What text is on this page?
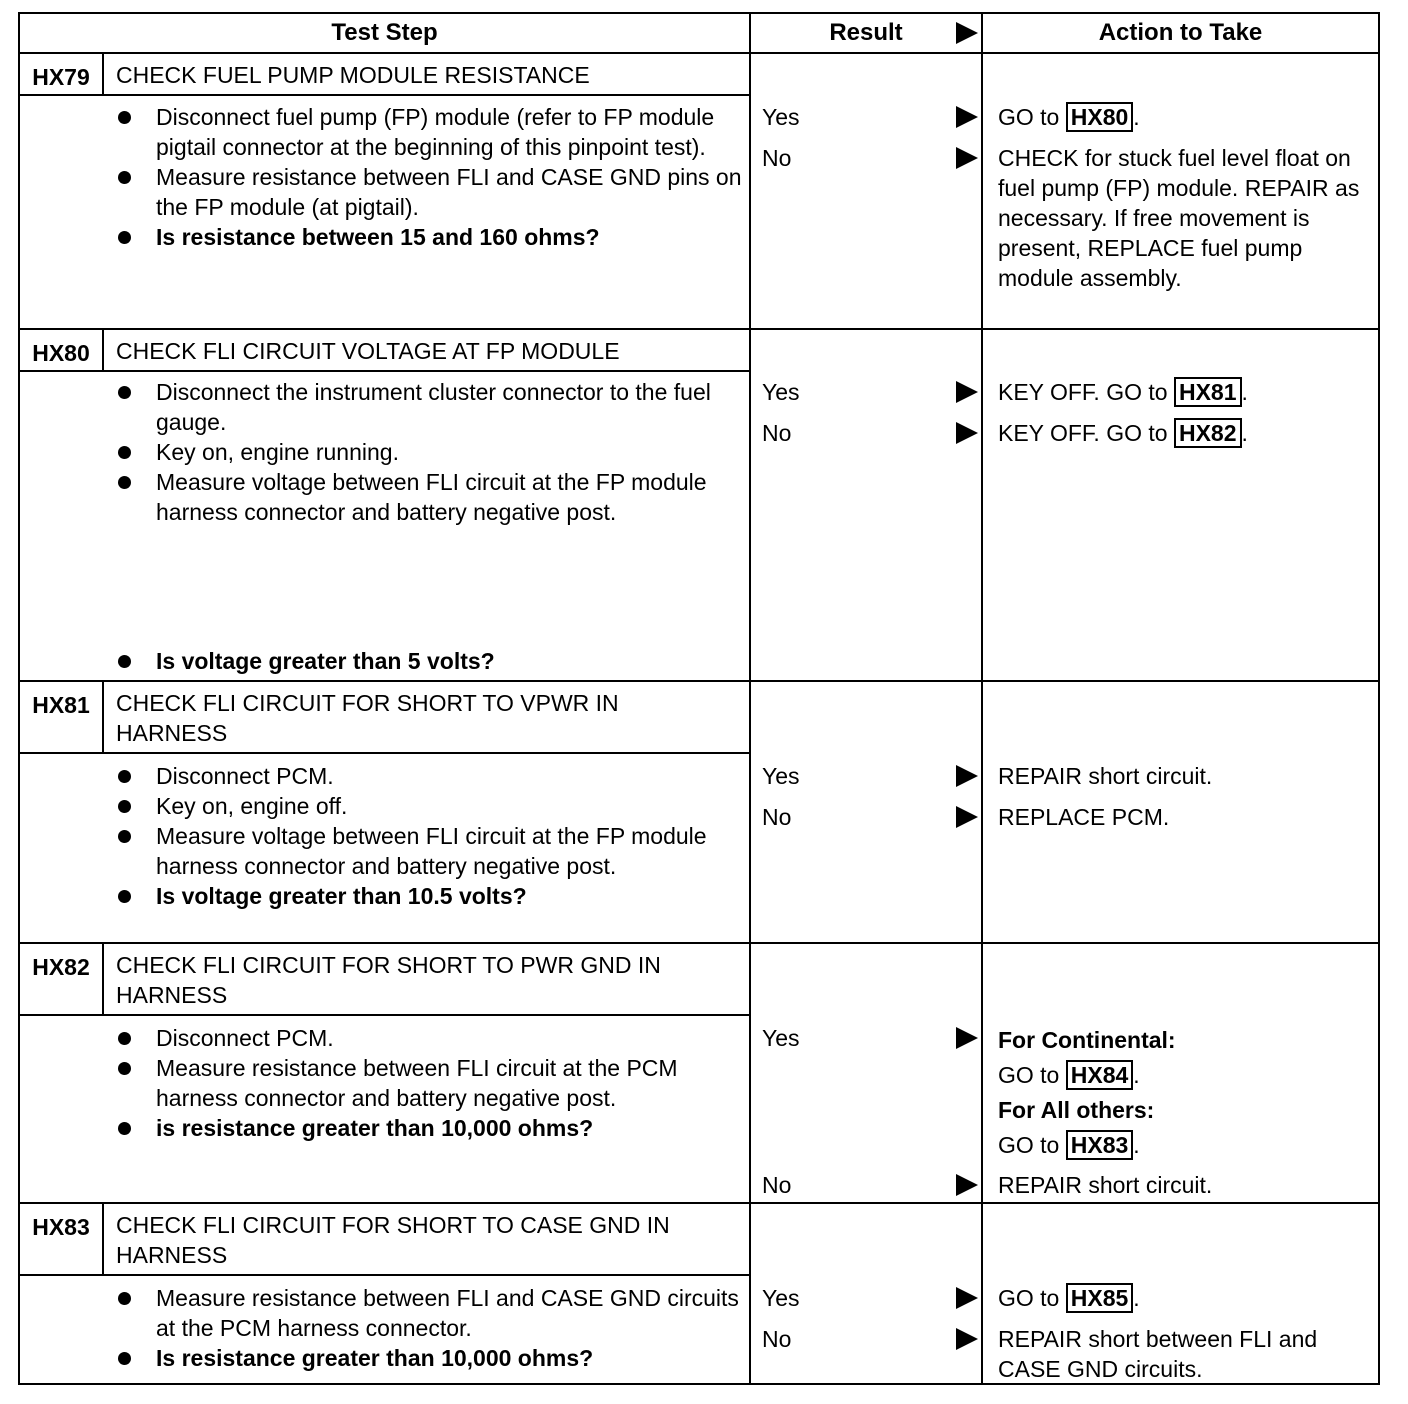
Test Step	Result	Action to Take
HX79	CHECK FUEL PUMP MODULE RESISTANCE
Disconnect fuel pump (FP) module (refer to FP module pigtail connector at the beginning of this pinpoint test).
Measure resistance between FLI and CASE GND pins on the FP module (at pigtail).
Is resistance between 15 and 160 ohms?
Yes	GO to HX80 .
No	CHECK for stuck fuel level float on fuel pump (FP) module. REPAIR as necessary. If free movement is present, REPLACE fuel pump module assembly.
HX80	CHECK FLI CIRCUIT VOLTAGE AT FP MODULE
Disconnect the instrument cluster connector to the fuel gauge.
Key on, engine running.
Measure voltage between FLI circuit at the FP module harness connector and battery negative post.
Is voltage greater than 5 volts?
Yes	KEY OFF. GO to HX81 .
No	KEY OFF. GO to HX82 .
HX81	CHECK FLI CIRCUIT FOR SHORT TO VPWR IN HARNESS
Disconnect PCM.
Key on, engine off.
Measure voltage between FLI circuit at the FP module harness connector and battery negative post.
Is voltage greater than 10.5 volts?
Yes	REPAIR short circuit.
No	REPLACE PCM.
HX82	CHECK FLI CIRCUIT FOR SHORT TO PWR GND IN HARNESS
Disconnect PCM.
Measure resistance between FLI circuit at the PCM harness connector and battery negative post.
is resistance greater than 10,000 ohms?
Yes	For Continental:
GO to HX84 .
For All others:
GO to HX83 .
No	REPAIR short circuit.
HX83	CHECK FLI CIRCUIT FOR SHORT TO CASE GND IN HARNESS
Measure resistance between FLI and CASE GND circuits at the PCM harness connector.
Is resistance greater than 10,000 ohms?
Yes	GO to HX85 .
No	REPAIR short between FLI and CASE GND circuits.
